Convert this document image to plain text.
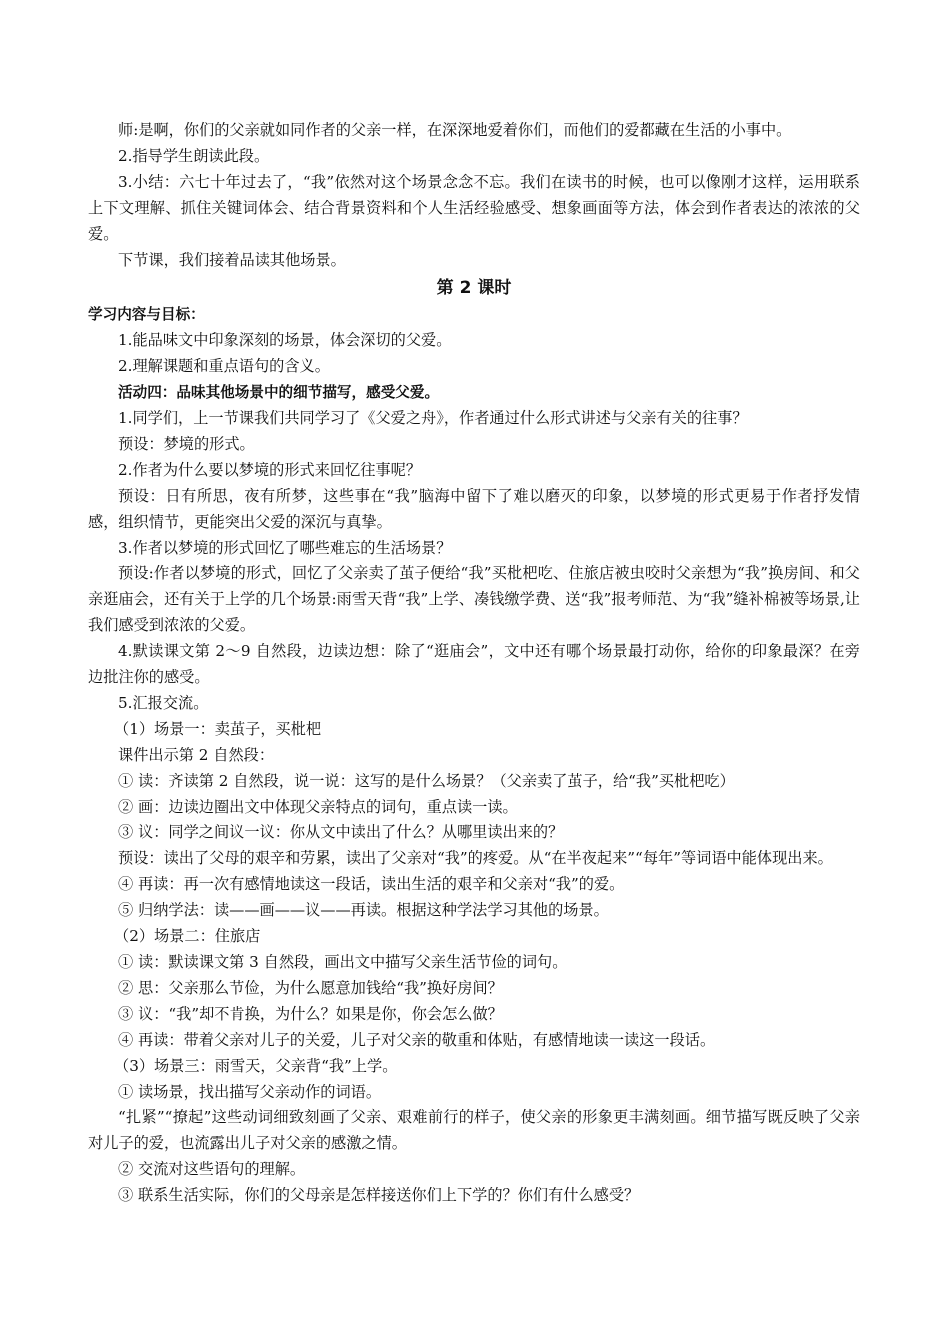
师:是啊，你们的父亲就如同作者的父亲一样，在深深地爱着你们，而他们的爱都藏在生活的小事中。

2.指导学生朗读此段。

3.小结：六七十年过去了，“我”依然对这个场景念念不忘。我们在读书的时候，也可以像刚才这样，运用联系上下文理解、抓住关键词体会、结合背景资料和个人生活经验感受、想象画面等方法，体会到作者表达的浓浓的父爱。

下节课，我们接着品读其他场景。

第 2 课时

学习内容与目标：

1.能品味文中印象深刻的场景，体会深切的父爱。

2.理解课题和重点语句的含义。

活动四：品味其他场景中的细节描写，感受父爱。

1.同学们，上一节课我们共同学习了《父爱之舟》，作者通过什么形式讲述与父亲有关的往事？

预设：梦境的形式。

2.作者为什么要以梦境的形式来回忆往事呢？

预设：日有所思，夜有所梦，这些事在“我”脑海中留下了难以磨灭的印象，以梦境的形式更易于作者抒发情感，组织情节，更能突出父爱的深沉与真挚。

3.作者以梦境的形式回忆了哪些难忘的生活场景？

预设:作者以梦境的形式，回忆了父亲卖了茧子便给“我”买枇杷吃、住旅店被虫咬时父亲想为“我”换房间、和父亲逛庙会，还有关于上学的几个场景:雨雪天背“我”上学、凑钱缴学费、送“我”报考师范、为“我”缝补棉被等场景,让我们感受到浓浓的父爱。

4.默读课文第 2～9 自然段，边读边想：除了“逛庙会”，文中还有哪个场景最打动你，给你的印象最深？在旁边批注你的感受。

5.汇报交流。

（1）场景一：卖茧子，买枇杷

课件出示第 2 自然段：

① 读：齐读第 2 自然段，说一说：这写的是什么场景？（父亲卖了茧子，给“我”买枇杷吃）

② 画：边读边圈出文中体现父亲特点的词句，重点读一读。

③ 议：同学之间议一议：你从文中读出了什么？从哪里读出来的？

预设：读出了父母的艰辛和劳累，读出了父亲对“我”的疼爱。从“在半夜起来”“每年”等词语中能体现出来。

④ 再读：再一次有感情地读这一段话，读出生活的艰辛和父亲对“我”的爱。

⑤ 归纳学法：读——画——议——再读。根据这种学法学习其他的场景。

（2）场景二：住旅店

① 读：默读课文第 3 自然段，画出文中描写父亲生活节俭的词句。

② 思：父亲那么节俭，为什么愿意加钱给“我”换好房间？

③ 议：“我”却不肯换，为什么？如果是你，你会怎么做？

④ 再读：带着父亲对儿子的关爱，儿子对父亲的敬重和体贴，有感情地读一读这一段话。

（3）场景三：雨雪天，父亲背“我”上学。

① 读场景，找出描写父亲动作的词语。

“扎紧”“撩起”这些动词细致刻画了父亲、艰难前行的样子，使父亲的形象更丰满刻画。细节描写既反映了父亲对儿子的爱，也流露出儿子对父亲的感激之情。

② 交流对这些语句的理解。

③ 联系生活实际，你们的父母亲是怎样接送你们上下学的？你们有什么感受？
